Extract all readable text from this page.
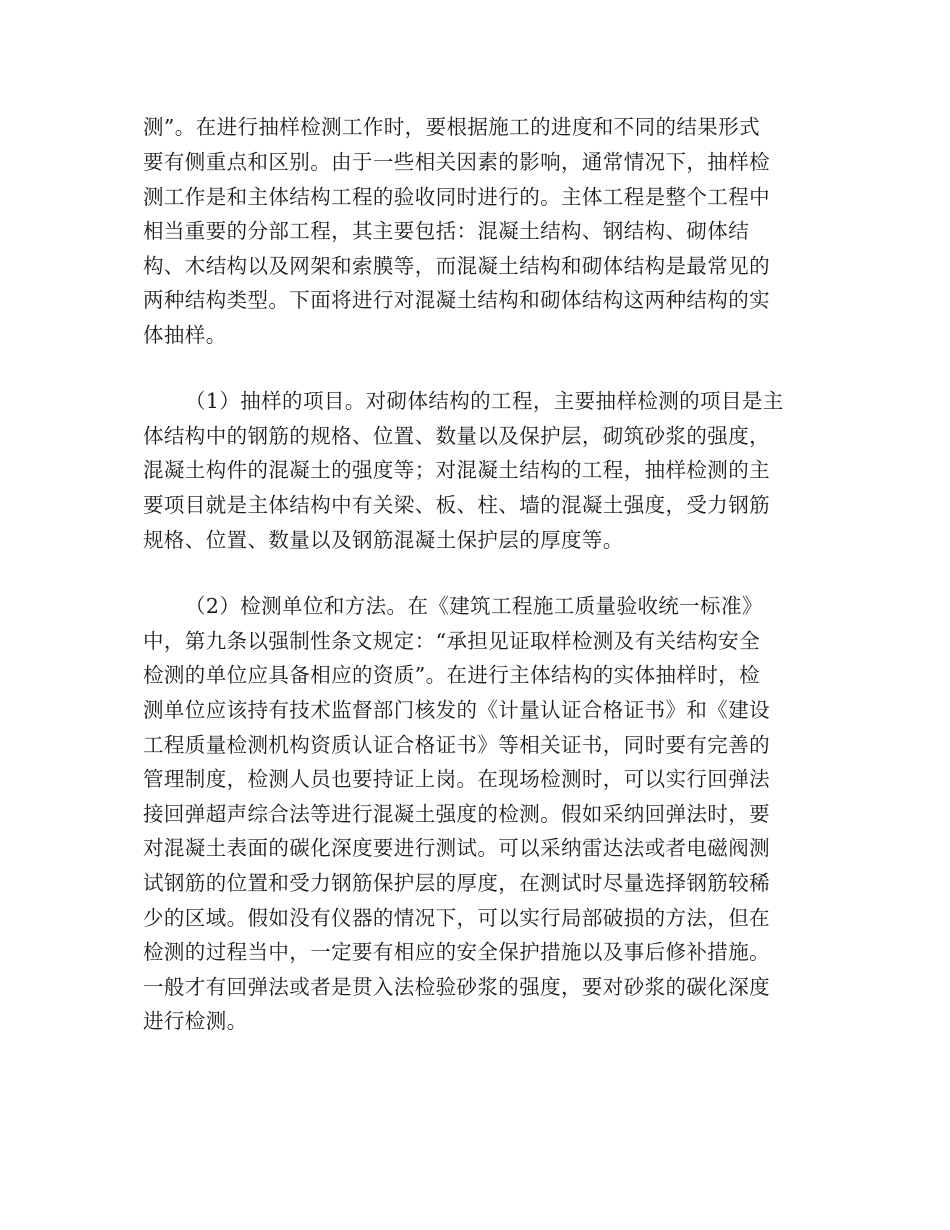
测”。在进行抽样检测工作时，要根据施工的进度和不同的结果形式
要有侧重点和区别。由于一些相关因素的影响，通常情况下，抽样检
测工作是和主体结构工程的验收同时进行的。主体工程是整个工程中
相当重要的分部工程，其主要包括：混凝土结构、钢结构、砌体结
构、木结构以及网架和索膜等，而混凝土结构和砌体结构是最常见的
两种结构类型。下面将进行对混凝土结构和砌体结构这两种结构的实
体抽样。
（1）抽样的项目。对砌体结构的工程，主要抽样检测的项目是主
体结构中的钢筋的规格、位置、数量以及保护层，砌筑砂浆的强度，
混凝土构件的混凝土的强度等；对混凝土结构的工程，抽样检测的主
要项目就是主体结构中有关梁、板、柱、墙的混凝土强度，受力钢筋
规格、位置、数量以及钢筋混凝土保护层的厚度等。
（2）检测单位和方法。在《建筑工程施工质量验收统一标准》
中，第九条以强制性条文规定：“承担见证取样检测及有关结构安全
检测的单位应具备相应的资质”。在进行主体结构的实体抽样时，检
测单位应该持有技术监督部门核发的《计量认证合格证书》和《建设
工程质量检测机构资质认证合格证书》等相关证书，同时要有完善的
管理制度，检测人员也要持证上岗。在现场检测时，可以实行回弹法
接回弹超声综合法等进行混凝土强度的检测。假如采纳回弹法时，要
对混凝土表面的碳化深度要进行测试。可以采纳雷达法或者电磁阀测
试钢筋的位置和受力钢筋保护层的厚度，在测试时尽量选择钢筋较稀
少的区域。假如没有仪器的情况下，可以实行局部破损的方法，但在
检测的过程当中，一定要有相应的安全保护措施以及事后修补措施。
一般才有回弹法或者是贯入法检验砂浆的强度，要对砂浆的碳化深度
进行检测。
